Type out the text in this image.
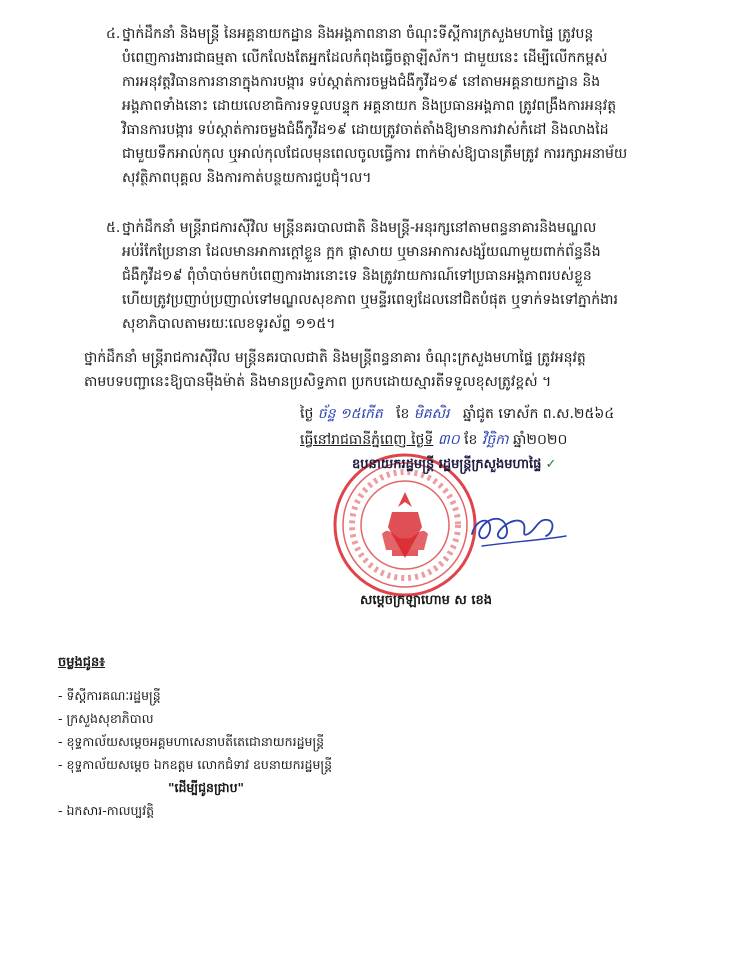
៤. ថ្នាក់ដឹកនាំ និងមន្ត្រី នៃអគ្គនាយកដ្ឋាន និងអង្គភាពនានា ចំណុះទីស្ដីការក្រសួងមហាផ្ទៃ ត្រូវបន្ត
បំពេញការងារជាធម្មតា លើកលែងតែអ្នកដែលកំពុងធ្វើចត្តាឡីស័ក។ ជាមួយនេះ ដើម្បីលើកកម្ពស់
ការអនុវត្តវិធានការនានាក្នុងការបង្ការ ទប់ស្កាត់ការចម្លងជំងឺកូវីដ១៩ នៅតាមអគ្គនាយកដ្ឋាន និង
អង្គភាពទាំងនោះ ដោយលេខាធិការទទួលបន្ទុក អគ្គនាយក និងប្រធានអង្គភាព ត្រូវពង្រឹងការអនុវត្ត
វិធានការបង្ការ ទប់ស្កាត់ការចម្លងជំងឺកូវីដ១៩ ដោយត្រូវចាត់តាំងឱ្យមានការវាស់កំដៅ និងលាងដៃ
ជាមួយទឹកអាល់កុល ឬអាល់កុលជែលមុនពេលចូលធ្វើការ ពាក់ម៉ាស់ឱ្យបានត្រឹមត្រូវ ការរក្សាអនាម័យ
សុវត្ថិភាពបុគ្គល និងការកាត់បន្ថយការជួបជុំ។ល។
៥. ថ្នាក់ដឹកនាំ មន្ត្រីរាជការស៊ីវិល មន្ត្រីនគរបាលជាតិ និងមន្ត្រី-អនុរក្សនៅតាមពន្ធនាគារនិងមណ្ឌល
អប់រំកែប្រែនានា ដែលមានអាការក្តៅខ្លួន ក្អក ផ្តាសាយ ឬមានអាការសង្ស័យណាមួយពាក់ព័ន្ធនឹង
ជំងឺកូវីដ១៩ ពុំចាំបាច់មកបំពេញការងារនោះទេ និងត្រូវរាយការណ៍ទៅប្រធានអង្គភាពរបស់ខ្លួន
ហើយត្រូវប្រញាប់ប្រញាល់ទៅមណ្ឌលសុខភាព ឬមន្ទីរពេទ្យដែលនៅជិតបំផុត ឬទាក់ទងទៅភ្នាក់ងារ
សុខាភិបាលតាមរយៈលេខទូរស័ព្ទ ១១៥។
ថ្នាក់ដឹកនាំ មន្ត្រីរាជការស៊ីវិល មន្ត្រីនគរបាលជាតិ និងមន្ត្រីពន្ធនាគារ ចំណុះក្រសួងមហាផ្ទៃ ត្រូវអនុវត្ត
តាមបទបញ្ជានេះឱ្យបានម៉ឺងម៉ាត់ និងមានប្រសិទ្ធភាព ប្រកបដោយស្មារតីទទួលខុសត្រូវខ្ពស់ ។
ថ្ងៃ ច័ន្ទ ១៥កើត ខែ មិគសិរ ឆ្នាំជូត ទោស័ក ព.ស.២៥៦៤
ធ្វើនៅរាជធានីភ្នំពេញ ថ្ងៃទី ៣០ ខែ វិច្ឆិកា ឆ្នាំ២០២០
ឧបនាយករដ្ឋមន្ត្រី រដ្ឋមន្ត្រីក្រសួងមហាផ្ទៃ ✓
សម្តេចក្រឡាហោម ស ខេង
ចម្លងជូន៖
- ទីស្ដីការគណៈរដ្ឋមន្ត្រី
- ក្រសួងសុខាភិបាល
- ខុទ្ទកាល័យសម្តេចអគ្គមហាសេនាបតីតេជោនាយករដ្ឋមន្ត្រី
- ខុទ្ទកាល័យសម្តេច ឯកឧត្តម លោកជំទាវ ឧបនាយករដ្ឋមន្ត្រី
"ដើម្បីជូនជ្រាប"
- ឯកសារ-កាលប្បវត្តិ
